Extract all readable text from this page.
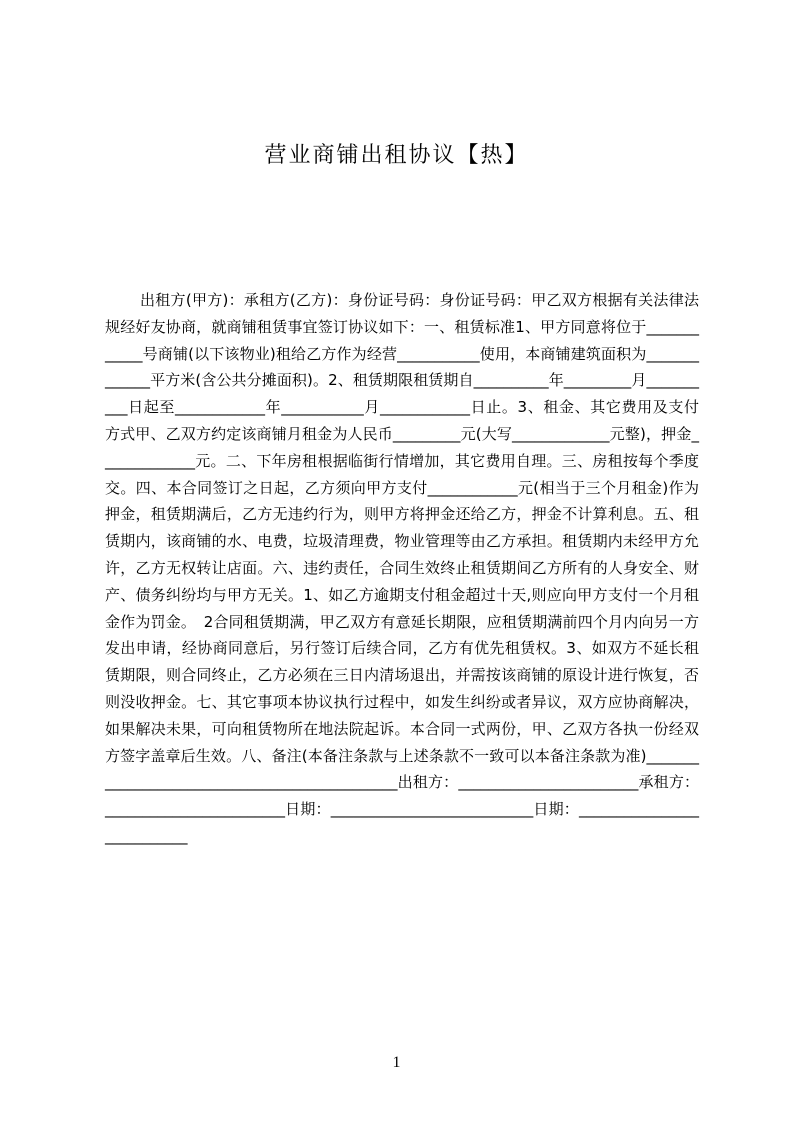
营业商铺出租协议【热】

出租方(甲方)：承租方(乙方)：身份证号码：身份证号码：甲乙双方根据有关法律法规经好友协商，就商铺租赁事宜签订协议如下：一、租赁标准1、甲方同意将位于____________号商铺(以下该物业)租给乙方作为经营___________使用，本商铺建筑面积为_____________平方米(含公共分摊面积)。2、租赁期限租赁期自__________年_________月__________日起至____________年___________月____________日止。3、租金、其它费用及支付方式甲、乙双方约定该商铺月租金为人民币_________元(大写_____________元整)，押金_____________元。二、下年房租根据临街行情增加，其它费用自理。三、房租按每个季度交。四、本合同签订之日起，乙方须向甲方支付____________元(相当于三个月租金)作为押金，租赁期满后，乙方无违约行为，则甲方将押金还给乙方，押金不计算利息。五、租赁期内，该商铺的水、电费，垃圾清理费，物业管理等由乙方承担。租赁期内未经甲方允许，乙方无权转让店面。六、违约责任，合同生效终止租赁期间乙方所有的人身安全、财产、债务纠纷均与甲方无关。1、如乙方逾期支付租金超过十天,则应向甲方支付一个月租金作为罚金。　2合同租赁期满，甲乙双方有意延长期限，应租赁期满前四个月内向另一方发出申请，经协商同意后，另行签订后续合同，乙方有优先租赁权。3、如双方不延长租赁期限，则合同终止，乙方必须在三日内清场退出，并需按该商铺的原设计进行恢复，否则没收押金。七、其它事项本协议执行过程中，如发生纠纷或者异议，双方应协商解决，如果解决未果，可向租赁物所在地法院起诉。本合同一式两份，甲、乙双方各执一份经双方签字盖章后生效。八、备注(本备注条款与上述条款不一致可以本备注条款为准)______________________________________________出租方：________________________承租方：________________________日期：___________________________日期：___________________________

1
